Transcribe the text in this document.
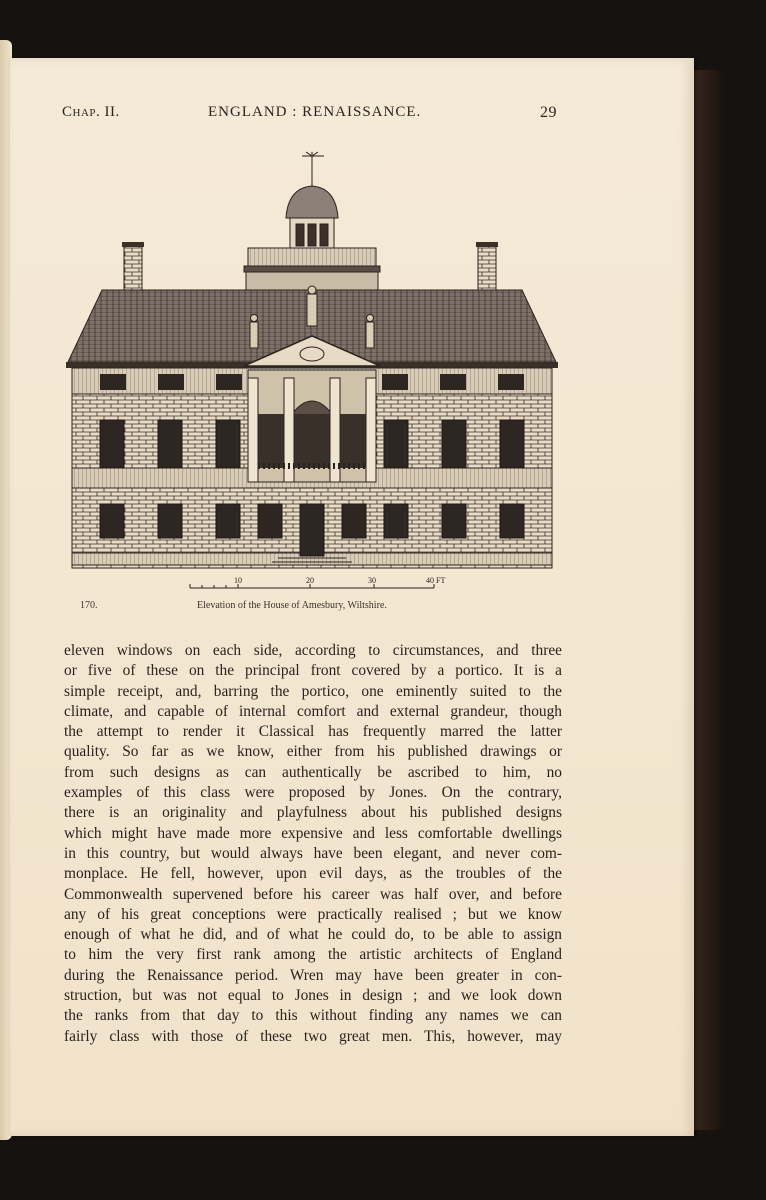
Chap. II.	ENGLAND : RENAISSANCE.	29
10	20	30	40 FT
170.	Elevation of the House of Amesbury, Wiltshire.
eleven windows on each side, according to circumstances, and three
or five of these on the principal front covered by a portico. It is a
simple receipt, and, barring the portico, one eminently suited to the
climate, and capable of internal comfort and external grandeur, though
the attempt to render it Classical has frequently marred the latter
quality. So far as we know, either from his published drawings or
from such designs as can authentically be ascribed to him, no
examples of this class were proposed by Jones. On the contrary,
there is an originality and playfulness about his published designs
which might have made more expensive and less comfortable dwellings
in this country, but would always have been elegant, and never com-
monplace. He fell, however, upon evil days, as the troubles of the
Commonwealth supervened before his career was half over, and before
any of his great conceptions were practically realised ; but we know
enough of what he did, and of what he could do, to be able to assign
to him the very first rank among the artistic architects of England
during the Renaissance period. Wren may have been greater in con-
struction, but was not equal to Jones in design ; and we look down
the ranks from that day to this without finding any names we can
fairly class with those of these two great men. This, however, may
